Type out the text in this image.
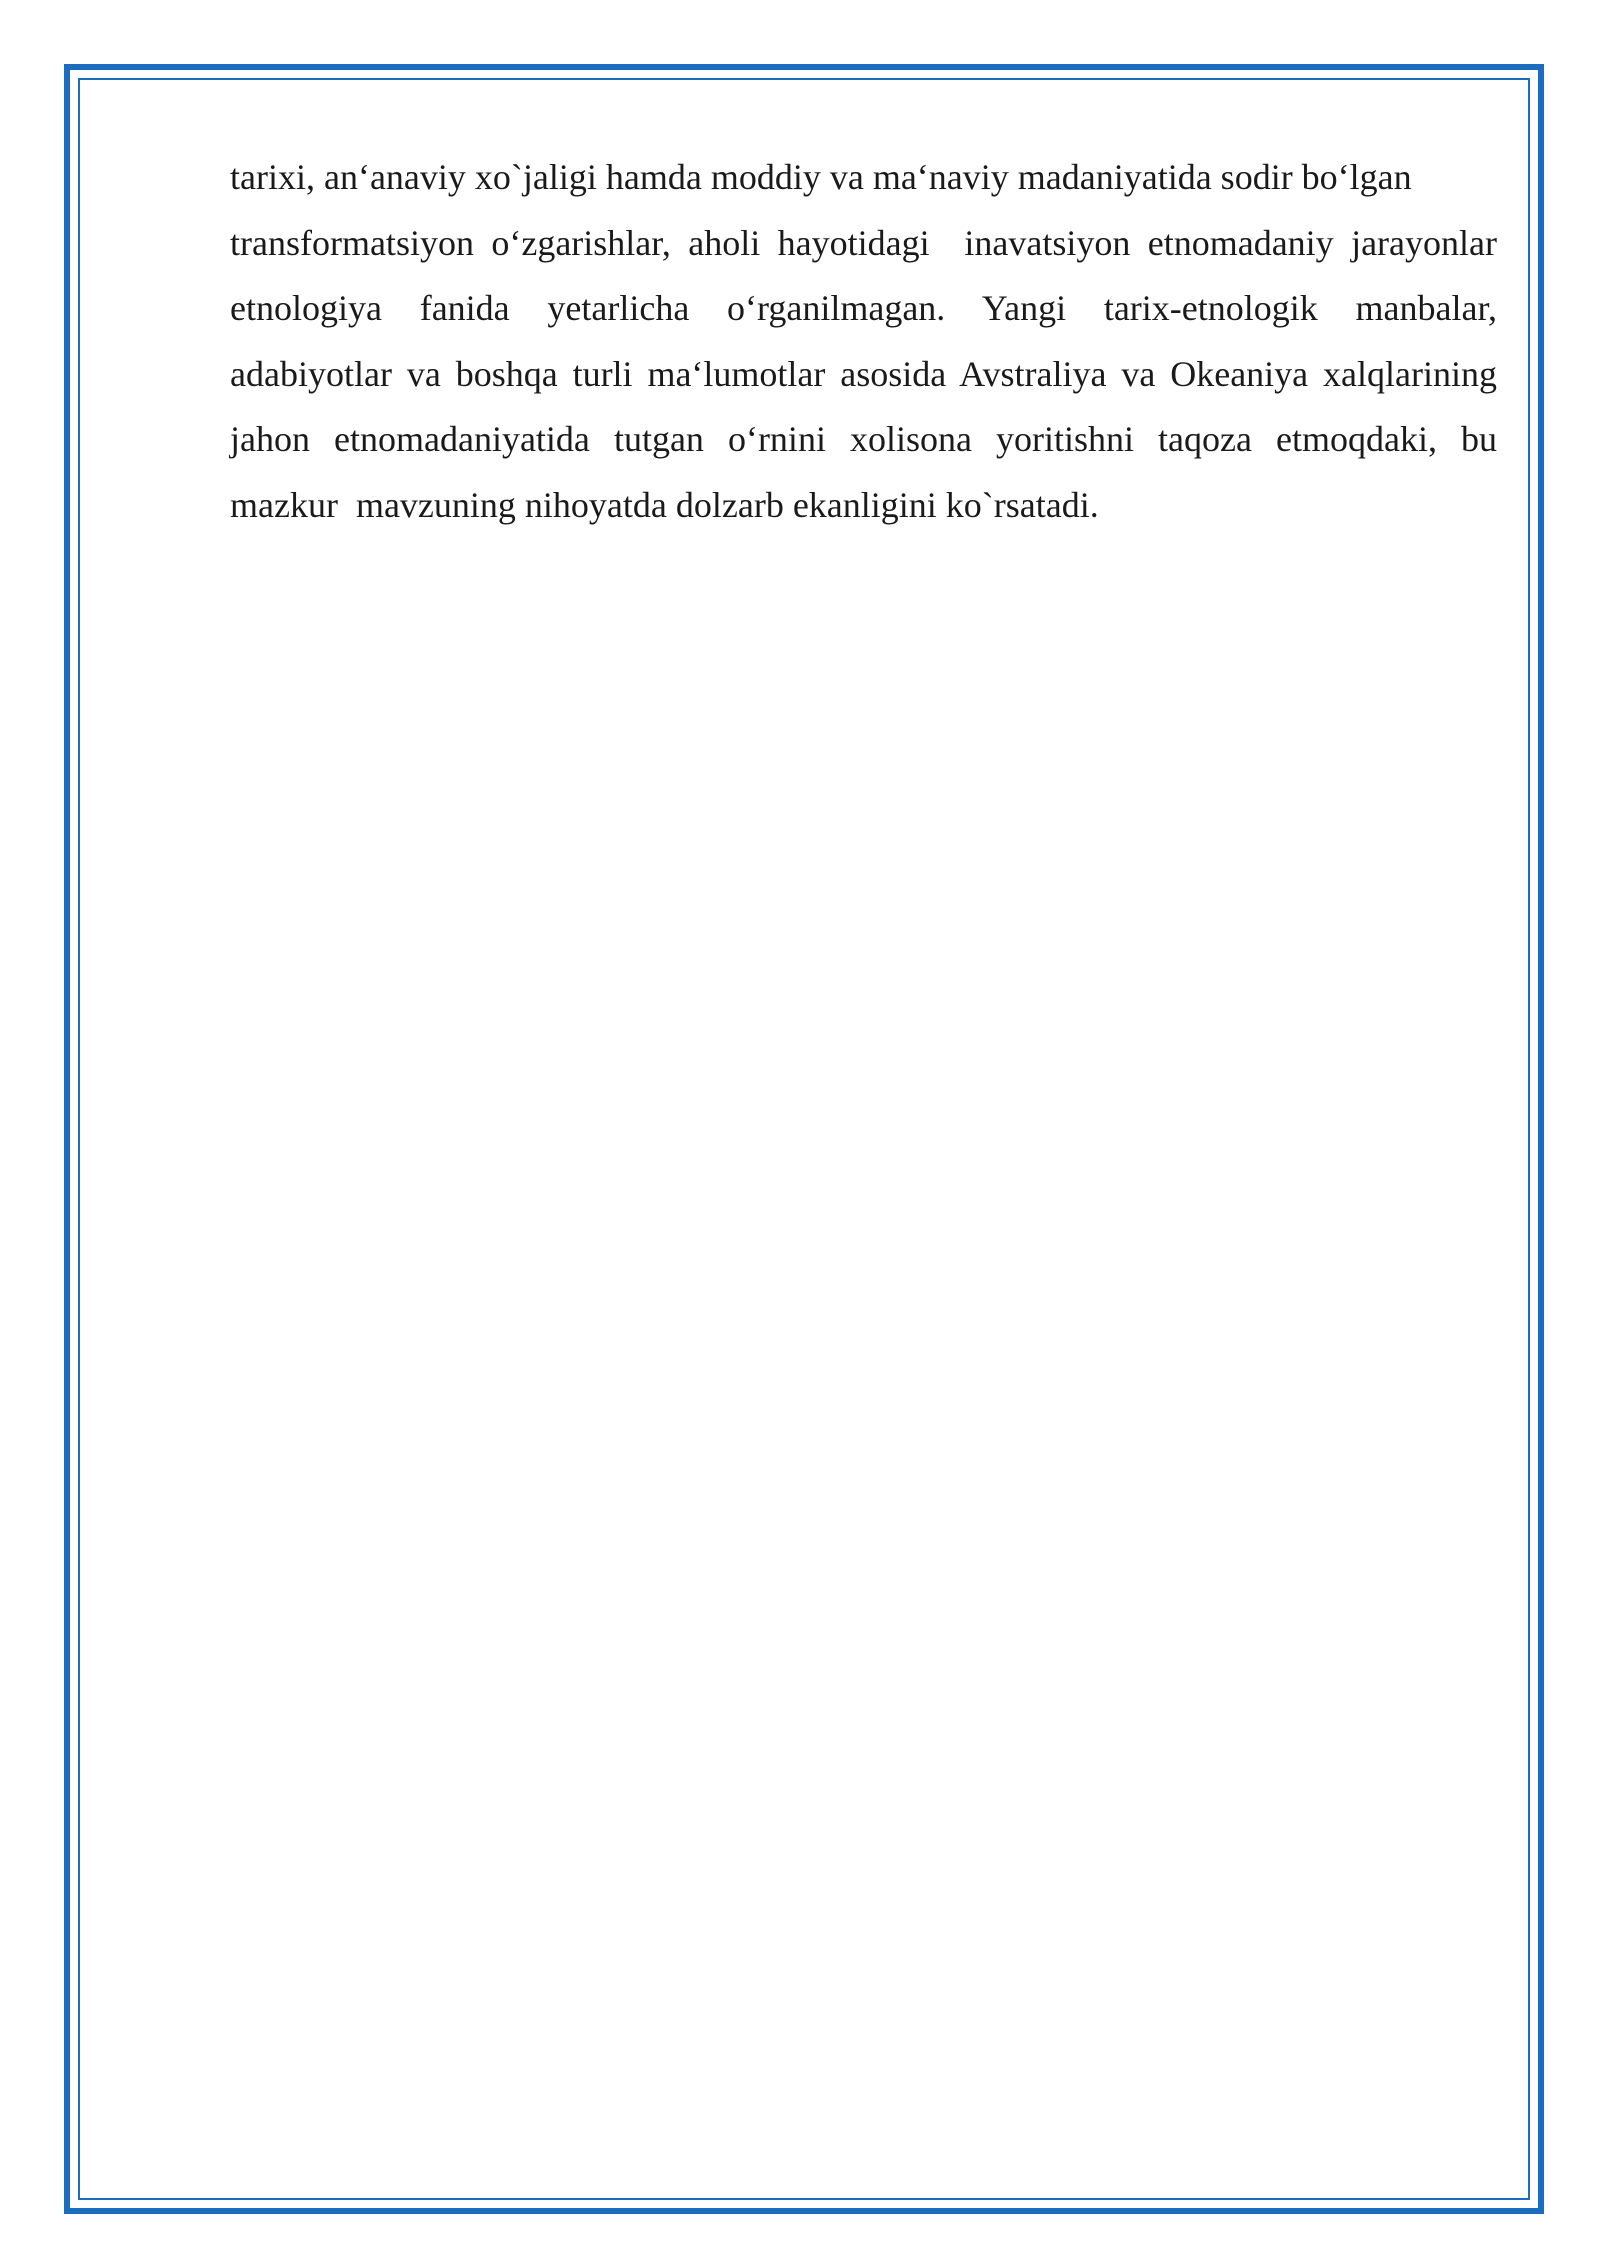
tarixi, an‘anaviy xo`jaligi hamda moddiy va ma‘naviy madaniyatida sodir bo‘lgan
transformatsiyon o‘zgarishlar, aholi hayotidagi  inavatsiyon etnomadaniy jarayonlar
etnologiya fanida yetarlicha o‘rganilmagan. Yangi tarix-etnologik manbalar,
adabiyotlar va boshqa turli ma‘lumotlar asosida Avstraliya va Okeaniya xalqlarining
jahon etnomadaniyatida tutgan o‘rnini xolisona yoritishni taqoza etmoqdaki, bu
mazkur  mavzuning nihoyatda dolzarb ekanligini ko`rsatadi.
